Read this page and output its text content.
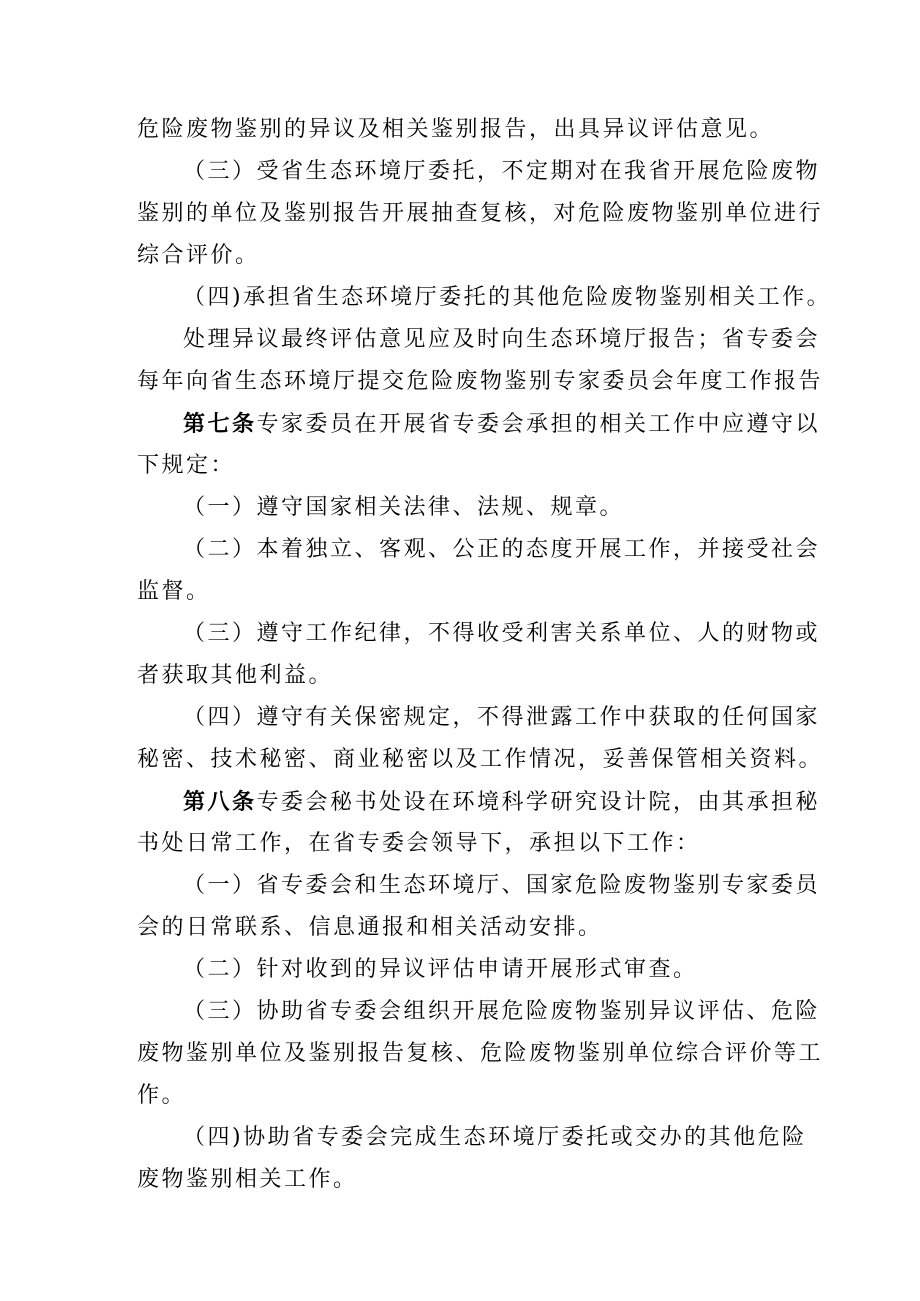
危险废物鉴别的异议及相关鉴别报告，出具异议评估意见。
（三）受省生态环境厅委托，不定期对在我省开展危险废物
鉴别的单位及鉴别报告开展抽查复核，对危险废物鉴别单位进行
综合评价。
（四)承担省生态环境厅委托的其他危险废物鉴别相关工作。
处理异议最终评估意见应及时向生态环境厅报告；省专委会
每年向省生态环境厅提交危险废物鉴别专家委员会年度工作报告
第七条专家委员在开展省专委会承担的相关工作中应遵守以
下规定：
（一）遵守国家相关法律、法规、规章。
（二）本着独立、客观、公正的态度开展工作，并接受社会
监督。
（三）遵守工作纪律，不得收受利害关系单位、人的财物或
者获取其他利益。
（四）遵守有关保密规定，不得泄露工作中获取的任何国家
秘密、技术秘密、商业秘密以及工作情况，妥善保管相关资料。
第八条专委会秘书处设在环境科学研究设计院，由其承担秘
书处日常工作，在省专委会领导下，承担以下工作：
（一）省专委会和生态环境厅、国家危险废物鉴别专家委员
会的日常联系、信息通报和相关活动安排。
（二）针对收到的异议评估申请开展形式审查。
（三）协助省专委会组织开展危险废物鉴别异议评估、危险
废物鉴别单位及鉴别报告复核、危险废物鉴别单位综合评价等工
作。
（四)协助省专委会完成生态环境厅委托或交办的其他危险
废物鉴别相关工作。
